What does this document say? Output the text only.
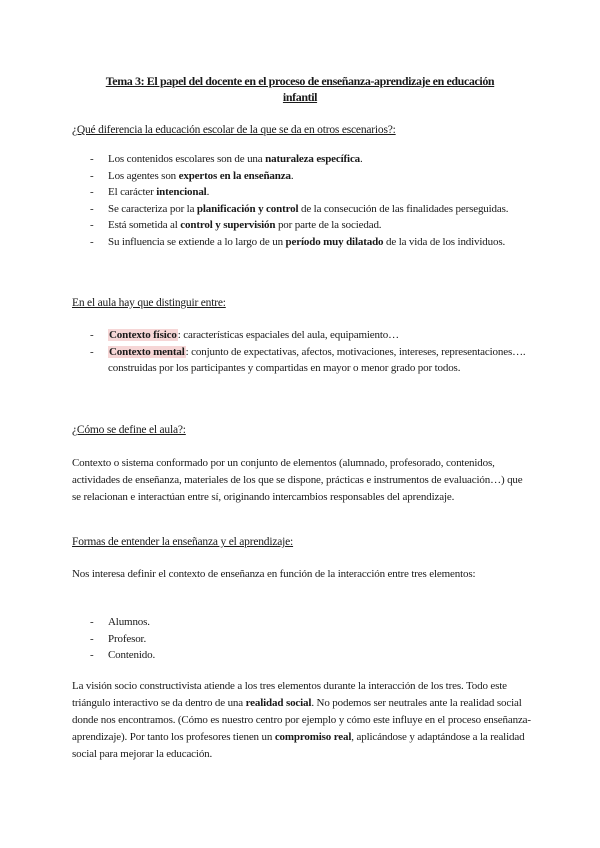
Tema 3: El papel del docente en el proceso de enseñanza-aprendizaje en educación
infantil

¿Qué diferencia la educación escolar de la que se da en otros escenarios?:

- Los contenidos escolares son de una naturaleza específica.
- Los agentes son expertos en la enseñanza.
- El carácter intencional.
- Se caracteriza por la planificación y control de la consecución de las finalidades perseguidas.
- Está sometida al control y supervisión por parte de la sociedad.
- Su influencia se extiende a lo largo de un período muy dilatado de la vida de los individuos.

En el aula hay que distinguir entre:

- Contexto físico: características espaciales del aula, equipamiento…
- Contexto mental: conjunto de expectativas, afectos, motivaciones, intereses, representaciones…. construidas por los participantes y compartidas en mayor o menor grado por todos.

¿Cómo se define el aula?:

Contexto o sistema conformado por un conjunto de elementos (alumnado, profesorado, contenidos, actividades de enseñanza, materiales de los que se dispone, prácticas e instrumentos de evaluación…) que se relacionan e interactúan entre sí, originando intercambios responsables del aprendizaje.

Formas de entender la enseñanza y el aprendizaje:

Nos interesa definir el contexto de enseñanza en función de la interacción entre tres elementos:

- Alumnos.
- Profesor.
- Contenido.

La visión socio constructivista atiende a los tres elementos durante la interacción de los tres. Todo este triángulo interactivo se da dentro de una realidad social. No podemos ser neutrales ante la realidad social donde nos encontramos. (Cómo es nuestro centro por ejemplo y cómo este influye en el proceso enseñanza-aprendizaje). Por tanto los profesores tienen un compromiso real, aplicándose y adaptándose a la realidad social para mejorar la educación.
